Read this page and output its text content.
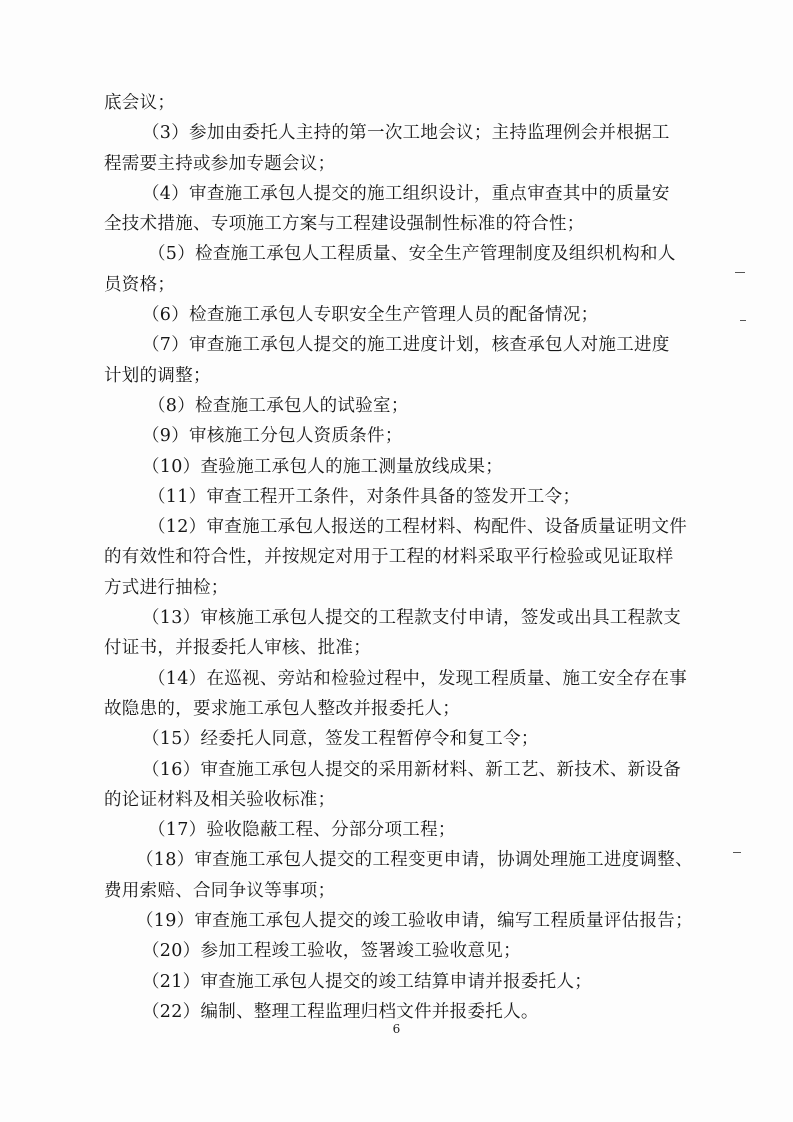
底会议；
（3）参加由委托人主持的第一次工地会议；主持监理例会并根据工
程需要主持或参加专题会议；
（4）审查施工承包人提交的施工组织设计，重点审查其中的质量安
全技术措施、专项施工方案与工程建设强制性标准的符合性；
（5）检查施工承包人工程质量、安全生产管理制度及组织机构和人
员资格；
（6）检查施工承包人专职安全生产管理人员的配备情况；
（7）审查施工承包人提交的施工进度计划，核查承包人对施工进度
计划的调整；
（8）检查施工承包人的试验室；
（9）审核施工分包人资质条件；
（10）查验施工承包人的施工测量放线成果；
（11）审查工程开工条件，对条件具备的签发开工令；
（12）审查施工承包人报送的工程材料、构配件、设备质量证明文件
的有效性和符合性，并按规定对用于工程的材料采取平行检验或见证取样
方式进行抽检；
（13）审核施工承包人提交的工程款支付申请，签发或出具工程款支
付证书，并报委托人审核、批准；
（14）在巡视、旁站和检验过程中，发现工程质量、施工安全存在事
故隐患的，要求施工承包人整改并报委托人；
（15）经委托人同意，签发工程暂停令和复工令；
（16）审查施工承包人提交的采用新材料、新工艺、新技术、新设备
的论证材料及相关验收标准；
（17）验收隐蔽工程、分部分项工程；
（18）审查施工承包人提交的工程变更申请，协调处理施工进度调整、
费用索赔、合同争议等事项；
（19）审查施工承包人提交的竣工验收申请，编写工程质量评估报告；
（20）参加工程竣工验收，签署竣工验收意见；
（21）审查施工承包人提交的竣工结算申请并报委托人；
（22）编制、整理工程监理归档文件并报委托人。
6
